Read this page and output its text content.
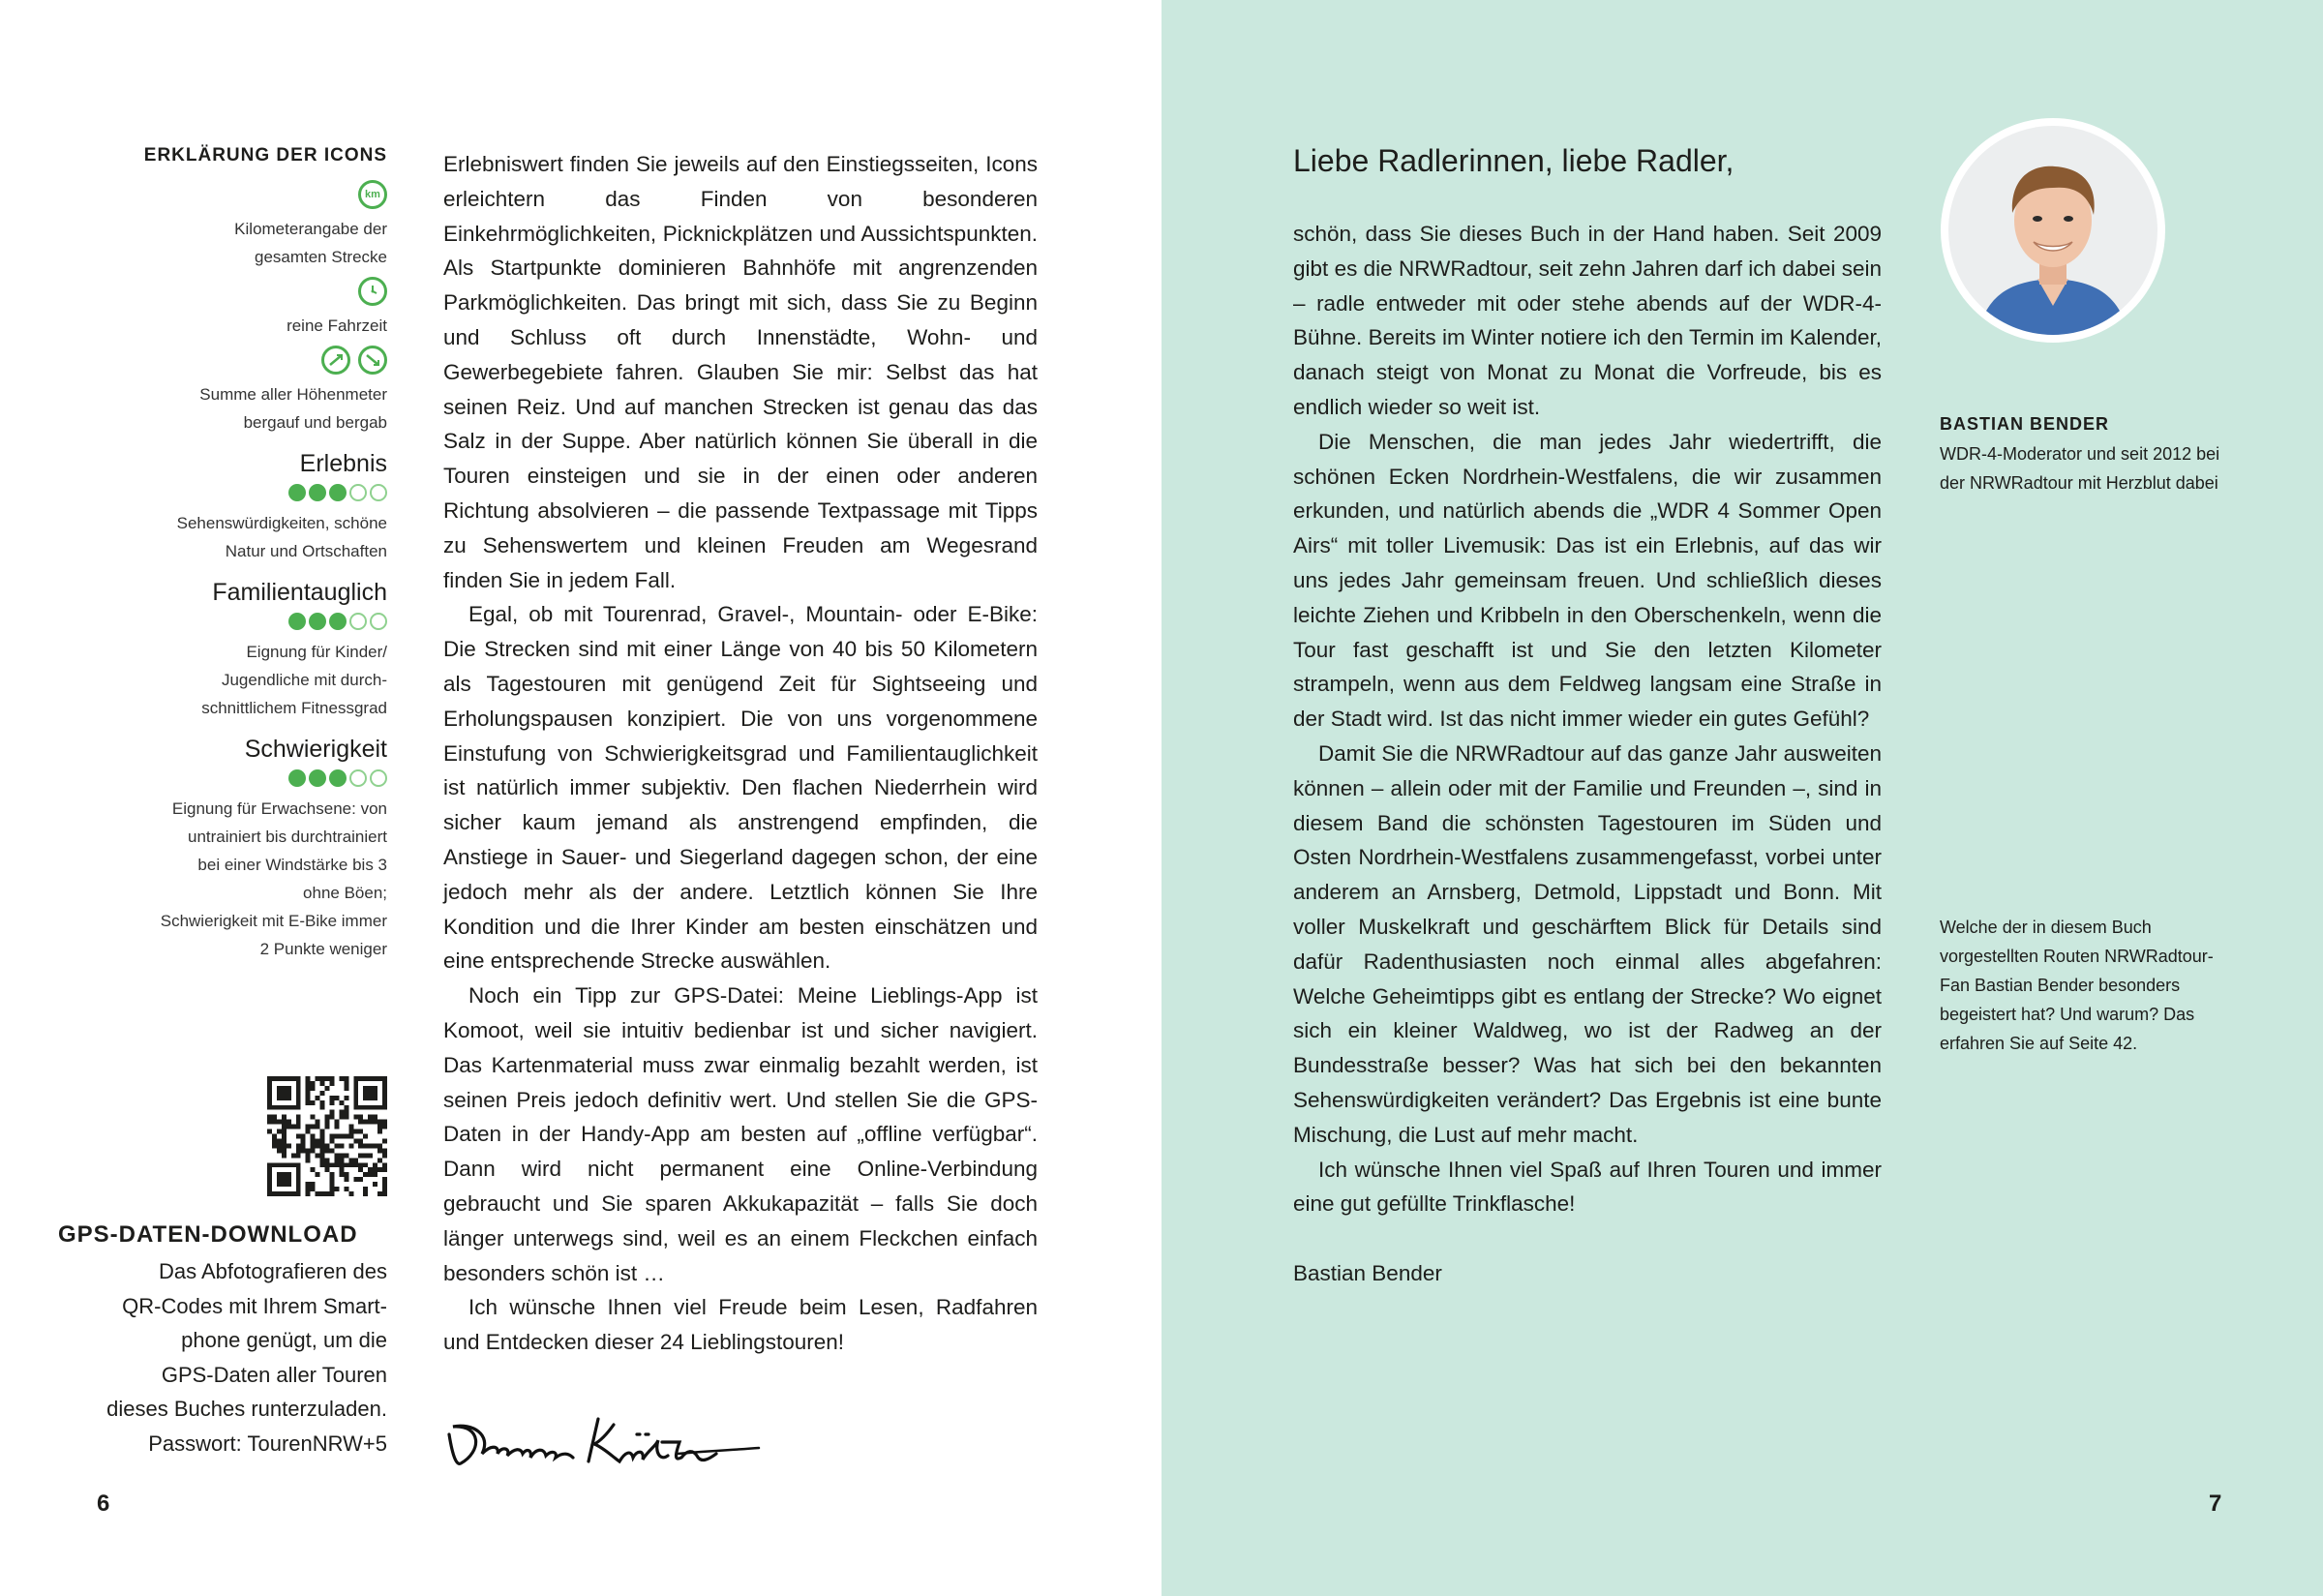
ERKLÄRUNG DER ICONS
km
Kilometerangabe der
gesamten Strecke
reine Fahrzeit
Summe aller Höhenmeter
bergauf und bergab
Erlebnis
Sehenswürdigkeiten, schöne
Natur und Ortschaften
Familientauglich
Eignung für Kinder/
Jugendliche mit durch-
schnittlichem Fitnessgrad
Schwierigkeit
Eignung für Erwachsene: von
untrainiert bis durchtrainiert
bei einer Windstärke bis 3
ohne Böen;
Schwierigkeit mit E-Bike immer
2 Punkte weniger
GPS-DATEN-DOWNLOAD
Das Abfotografieren des
QR-Codes mit Ihrem Smart-
phone genügt, um die
GPS-Daten aller Touren
dieses Buches runterzuladen.
Passwort: TourenNRW+5

Erlebniswert finden Sie jeweils auf den Einstiegsseiten, Icons erleichtern das Finden von besonderen Einkehrmöglichkeiten, Picknickplätzen und Aussichtspunkten. Als Startpunkte dominieren Bahnhöfe mit angrenzenden Parkmöglichkeiten. Das bringt mit sich, dass Sie zu Beginn und Schluss oft durch Innenstädte, Wohn- und Gewerbegebiete fahren. Glauben Sie mir: Selbst das hat seinen Reiz. Und auf manchen Strecken ist genau das das Salz in der Suppe. Aber natürlich können Sie überall in die Touren einsteigen und sie in der einen oder anderen Richtung absolvieren – die passende Textpassage mit Tipps zu Sehenswertem und kleinen Freuden am Wegesrand finden Sie in jedem Fall.

Egal, ob mit Tourenrad, Gravel-, Mountain- oder E-Bike: Die Strecken sind mit einer Länge von 40 bis 50 Kilometern als Tagestouren mit genügend Zeit für Sightseeing und Erholungspausen konzipiert. Die von uns vorgenommene Einstufung von Schwierigkeitsgrad und Familientauglichkeit ist natürlich immer subjektiv. Den flachen Niederrhein wird sicher kaum jemand als anstrengend empfinden, die Anstiege in Sauer- und Siegerland dagegen schon, der eine jedoch mehr als der andere. Letztlich können Sie Ihre Kondition und die Ihrer Kinder am besten einschätzen und eine entsprechende Strecke auswählen.

Noch ein Tipp zur GPS-Datei: Meine Lieblings-App ist Komoot, weil sie intuitiv bedienbar ist und sicher navigiert. Das Kartenmaterial muss zwar einmalig bezahlt werden, ist seinen Preis jedoch definitiv wert. Und stellen Sie die GPS-Daten in der Handy-App am besten auf „offline verfügbar“. Dann wird nicht permanent eine Online-Verbindung gebraucht und Sie sparen Akkukapazität – falls Sie doch länger unterwegs sind, weil es an einem Fleckchen einfach besonders schön ist …

Ich wünsche Ihnen viel Freude beim Lesen, Radfahren und Entdecken dieser 24 Lieblingstouren!

6
Liebe Radlerinnen, liebe Radler,

schön, dass Sie dieses Buch in der Hand haben. Seit 2009 gibt es die NRWRadtour, seit zehn Jahren darf ich dabei sein – radle entweder mit oder stehe abends auf der WDR-4-Bühne. Bereits im Winter notiere ich den Termin im Kalender, danach steigt von Monat zu Monat die Vorfreude, bis es endlich wieder so weit ist.

Die Menschen, die man jedes Jahr wiedertrifft, die schönen Ecken Nordrhein-Westfalens, die wir zusammen erkunden, und natürlich abends die „WDR 4 Sommer Open Airs“ mit toller Livemusik: Das ist ein Erlebnis, auf das wir uns jedes Jahr gemeinsam freuen. Und schließlich dieses leichte Ziehen und Kribbeln in den Oberschenkeln, wenn die Tour fast geschafft ist und Sie den letzten Kilometer strampeln, wenn aus dem Feldweg langsam eine Straße in der Stadt wird. Ist das nicht immer wieder ein gutes Gefühl?

Damit Sie die NRWRadtour auf das ganze Jahr ausweiten können – allein oder mit der Familie und Freunden –, sind in diesem Band die schönsten Tagestouren im Süden und Osten Nordrhein-Westfalens zusammengefasst, vorbei unter anderem an Arnsberg, Detmold, Lippstadt und Bonn. Mit voller Muskelkraft und geschärftem Blick für Details sind dafür Radenthusiasten noch einmal alles abgefahren: Welche Geheimtipps gibt es entlang der Strecke? Wo eignet sich ein kleiner Waldweg, wo ist der Radweg an der Bundesstraße besser? Was hat sich bei den bekannten Sehenswürdigkeiten verändert? Das Ergebnis ist eine bunte Mischung, die Lust auf mehr macht.

Ich wünsche Ihnen viel Spaß auf Ihren Touren und immer eine gut gefüllte Trinkflasche!

Bastian Bender

BASTIAN BENDER
WDR-4-Moderator und seit 2012 bei der NRWRadtour mit Herzblut dabei
Welche der in diesem Buch vorgestellten Routen NRWRadtour-Fan Bastian Bender besonders begeistert hat? Und warum? Das erfahren Sie auf Seite 42.
7
